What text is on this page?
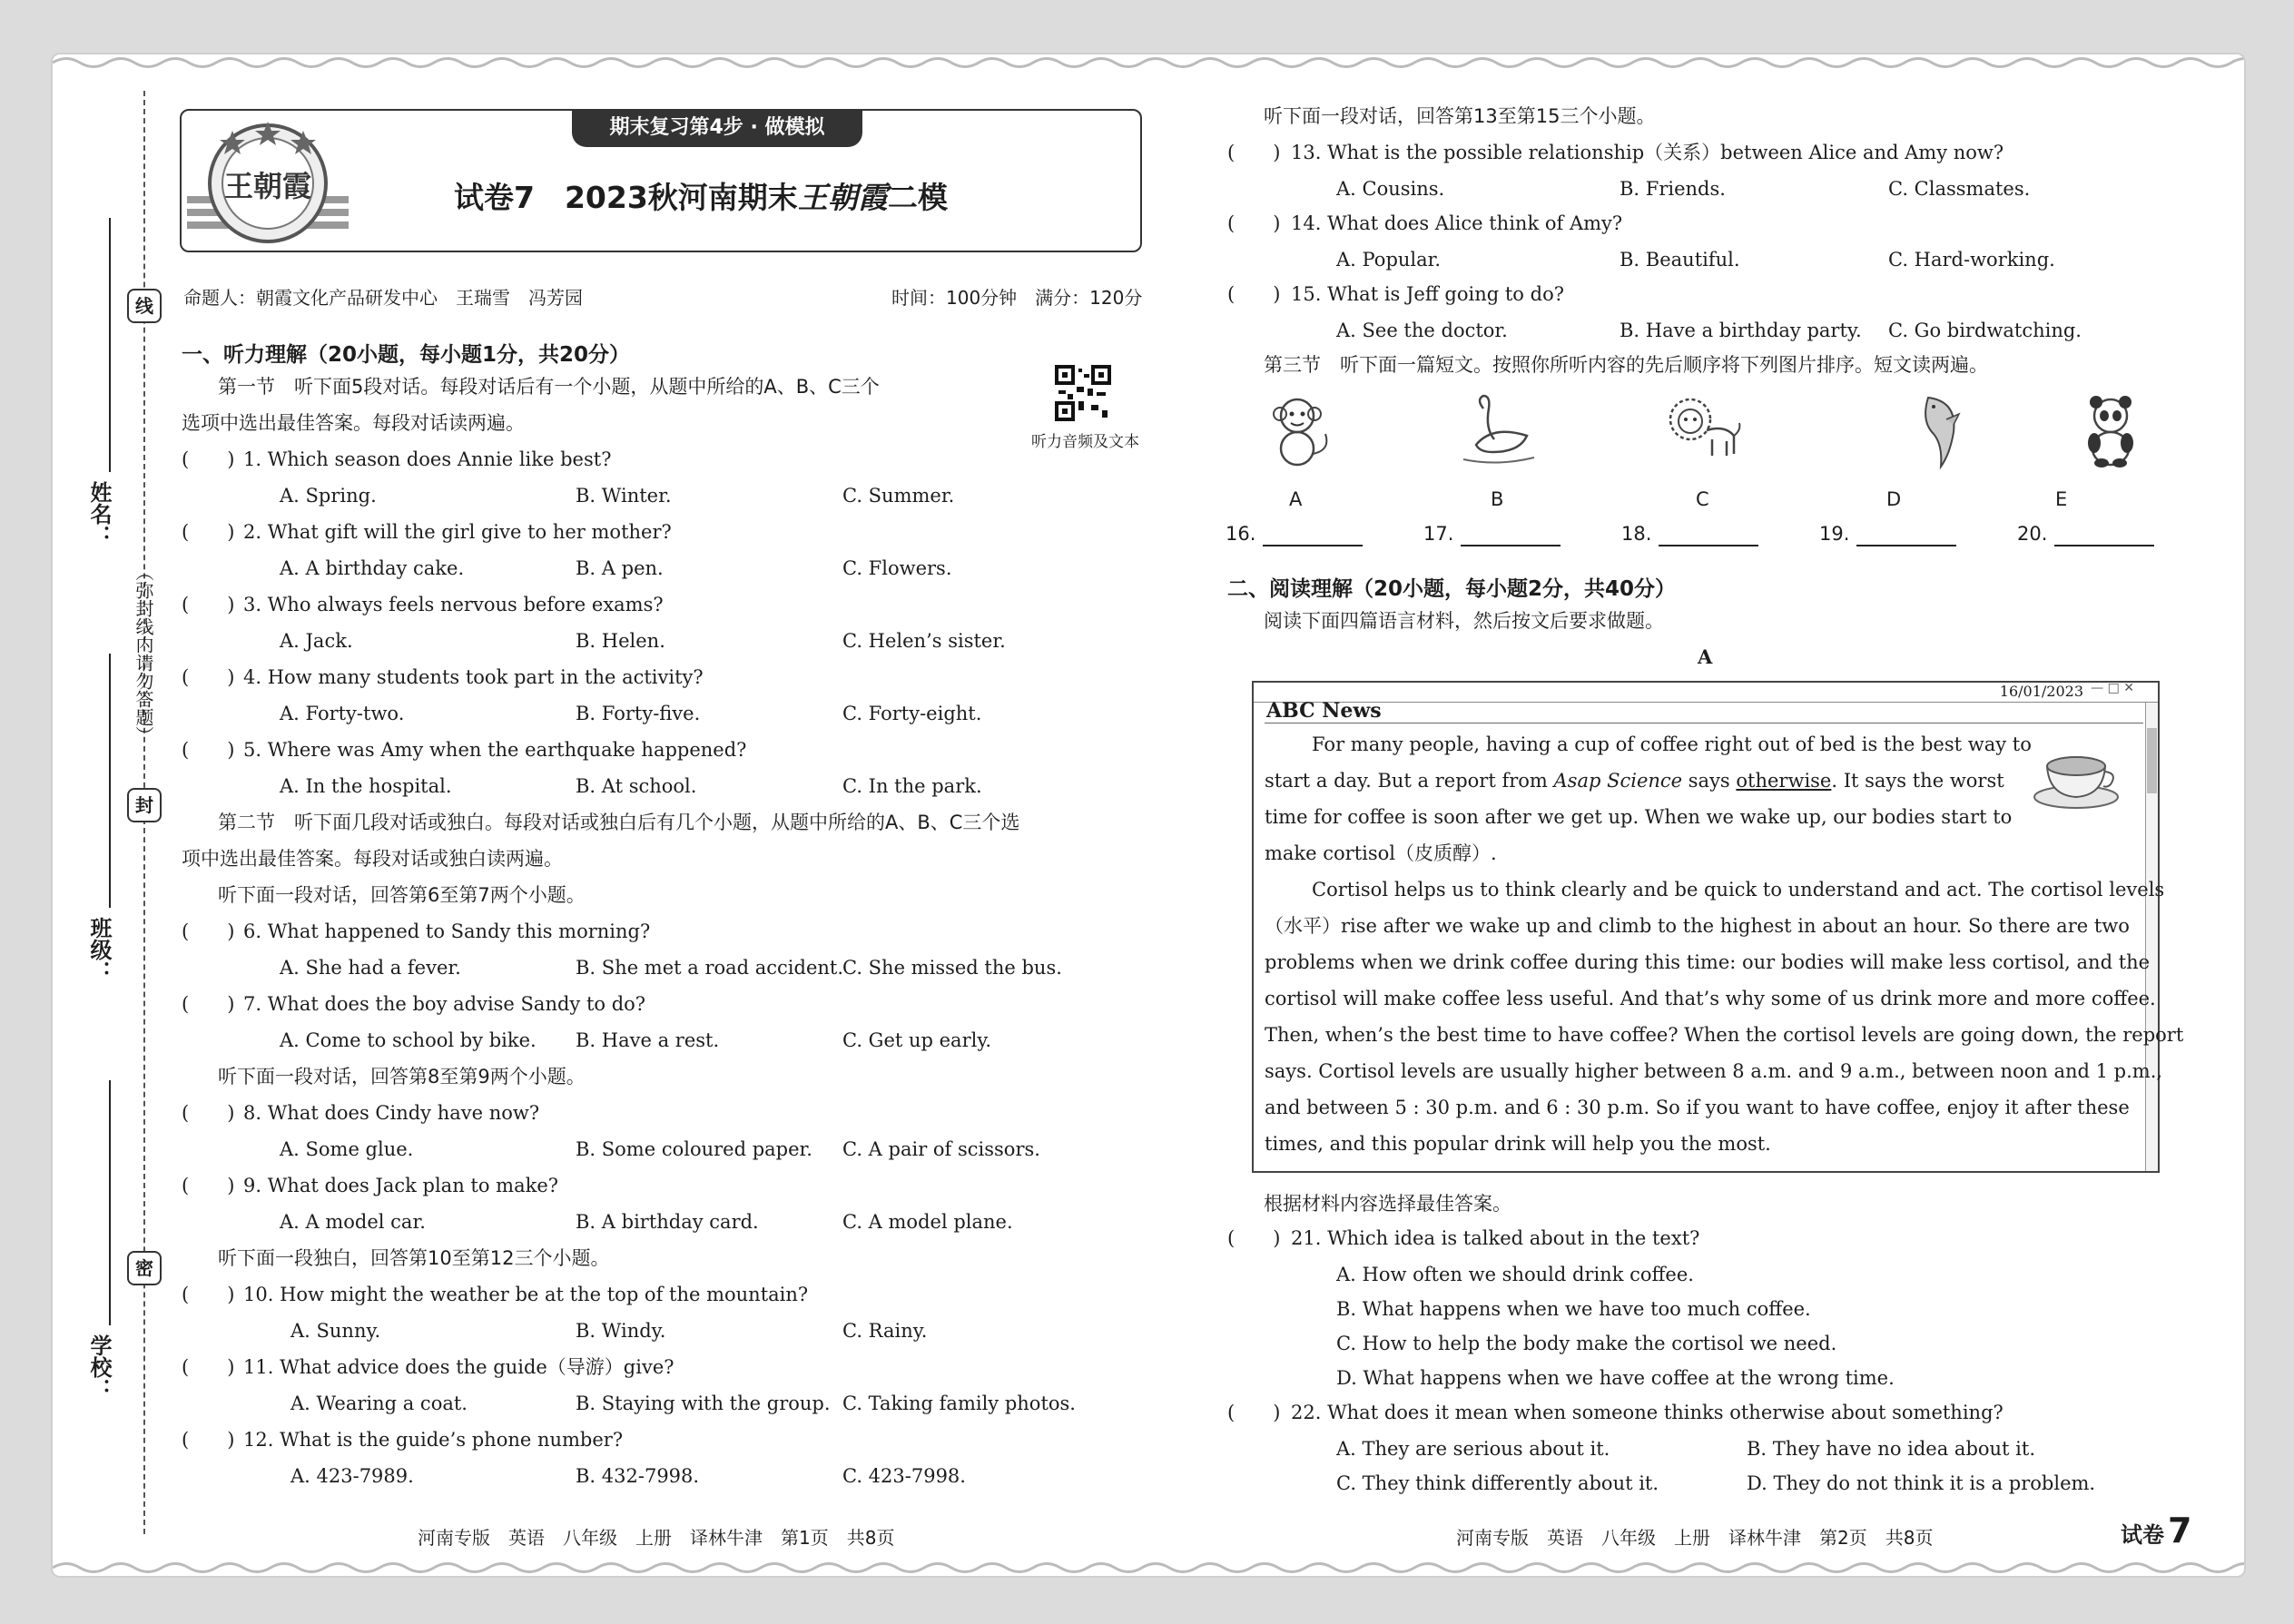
线
封
密
（弥封线内请勿答题）
姓名：
班级：
学校：
王朝霞
期末复习第4步 · 做模拟
试卷7　2023秋河南期末王朝霞二模
命题人：朝霞文化产品研发中心　王瑞雪　冯芳园	时间：100分钟　满分：120分
一、听力理解（20小题，每小题1分，共20分）
听力音频及文本
第一节　听下面5段对话。每段对话后有一个小题，从题中所给的A、B、C三个
选项中选出最佳答案。每段对话读两遍。
(　　) 1. Which season does Annie like best?
A. Spring.	B. Winter.	C. Summer.
(　　) 2. What gift will the girl give to her mother?
A. A birthday cake.	B. A pen.	C. Flowers.
(　　) 3. Who always feels nervous before exams?
A. Jack.	B. Helen.	C. Helen’s sister.
(　　) 4. How many students took part in the activity?
A. Forty-two.	B. Forty-five.	C. Forty-eight.
(　　) 5. Where was Amy when the earthquake happened?
A. In the hospital.	B. At school.	C. In the park.
第二节　听下面几段对话或独白。每段对话或独白后有几个小题，从题中所给的A、B、C三个选
项中选出最佳答案。每段对话或独白读两遍。
听下面一段对话，回答第6至第7两个小题。
(　　) 6. What happened to Sandy this morning?
A. She had a fever.	B. She met a road accident.
C. She missed the bus.
(　　) 7. What does the boy advise Sandy to do?
A. Come to school by bike. B. Have a rest.	C. Get up early.
听下面一段对话，回答第8至第9两个小题。
(　　) 8. What does Cindy have now?
A. Some glue.	B. Some coloured paper. C. A pair of scissors.
(　　) 9. What does Jack plan to make?
A. A model car.	B. A birthday card.	C. A model plane.
听下面一段独白，回答第10至第12三个小题。
(　　) 10. How might the weather be at the top of the mountain?
A. Sunny.	B. Windy.	C. Rainy.
(　　) 11. What advice does the guide（导游）give?
A. Wearing a coat.	B. Staying with the group. C. Taking family photos.
(　　) 12. What is the guide’s phone number?
A. 423-7989.	B. 432-7998.	C. 423-7998.
河南专版　英语　八年级　上册　译林牛津　第1页　共8页
听下面一段对话，回答第13至第15三个小题。
(　　) 13. What is the possible relationship（关系）between Alice and Amy now?
A. Cousins.	B. Friends.	C. Classmates.
(　　) 14. What does Alice think of Amy?
A. Popular.	B. Beautiful.	C. Hard-working.
(　　) 15. What is Jeff going to do?
A. See the doctor.	B. Have a birthday party. C. Go birdwatching.
第三节　听下面一篇短文。按照你所听内容的先后顺序将下列图片排序。短文读两遍。
A	B	C	D	E
16.	17.	18.	19.	20.
二、阅读理解（20小题，每小题2分，共40分）
阅读下面四篇语言材料，然后按文后要求做题。
A
16/01/2023 — □ ✕
ABC News
For many people, having a cup of coffee right out of bed is the best way to
start a day. But a report from Asap Science says otherwise. It says the worst
time for coffee is soon after we get up. When we wake up, our bodies start to
make cortisol（皮质醇）.
Cortisol helps us to think clearly and be quick to understand and act. The cortisol levels
（水平）rise after we wake up and climb to the highest in about an hour. So there are two
problems when we drink coffee during this time: our bodies will make less cortisol, and the
cortisol will make coffee less useful. And that’s why some of us drink more and more coffee.
Then, when’s the best time to have coffee? When the cortisol levels are going down, the report
says. Cortisol levels are usually higher between 8 a.m. and 9 a.m., between noon and 1 p.m.,
and between 5 : 30 p.m. and 6 : 30 p.m. So if you want to have coffee, enjoy it after these
times, and this popular drink will help you the most.
根据材料内容选择最佳答案。
(　　) 21. Which idea is talked about in the text?
A. How often we should drink coffee.
B. What happens when we have too much coffee.
C. How to help the body make the cortisol we need.
D. What happens when we have coffee at the wrong time.
(　　) 22. What does it mean when someone thinks otherwise about something?
A. They are serious about it.	B. They have no idea about it.
C. They think differently about it.	D. They do not think it is a problem.
河南专版　英语　八年级　上册　译林牛津　第2页　共8页	试卷 7
